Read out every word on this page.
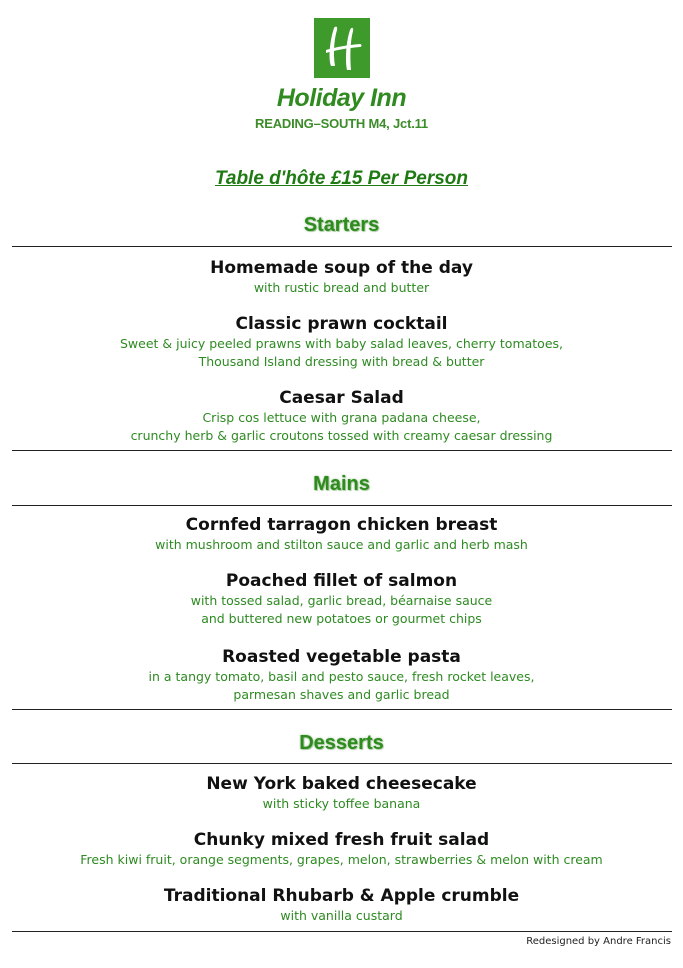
Holiday Inn
READING–SOUTH M4, Jct.11
Table d'hôte £15 Per Person
Starters
Homemade soup of the day
with rustic bread and butter
Classic prawn cocktail
Sweet & juicy peeled prawns with baby salad leaves, cherry tomatoes,
Thousand Island dressing with bread & butter
Caesar Salad
Crisp cos lettuce with grana padana cheese,
crunchy herb & garlic croutons tossed with creamy caesar dressing
Mains
Cornfed tarragon chicken breast
with mushroom and stilton sauce and garlic and herb mash
Poached fillet of salmon
with tossed salad, garlic bread, béarnaise sauce
and buttered new potatoes or gourmet chips
Roasted vegetable pasta
in a tangy tomato, basil and pesto sauce, fresh rocket leaves,
parmesan shaves and garlic bread
Desserts
New York baked cheesecake
with sticky toffee banana
Chunky mixed fresh fruit salad
Fresh kiwi fruit, orange segments, grapes, melon, strawberries & melon with cream
Traditional Rhubarb & Apple crumble
with vanilla custard
Redesigned by Andre Francis
